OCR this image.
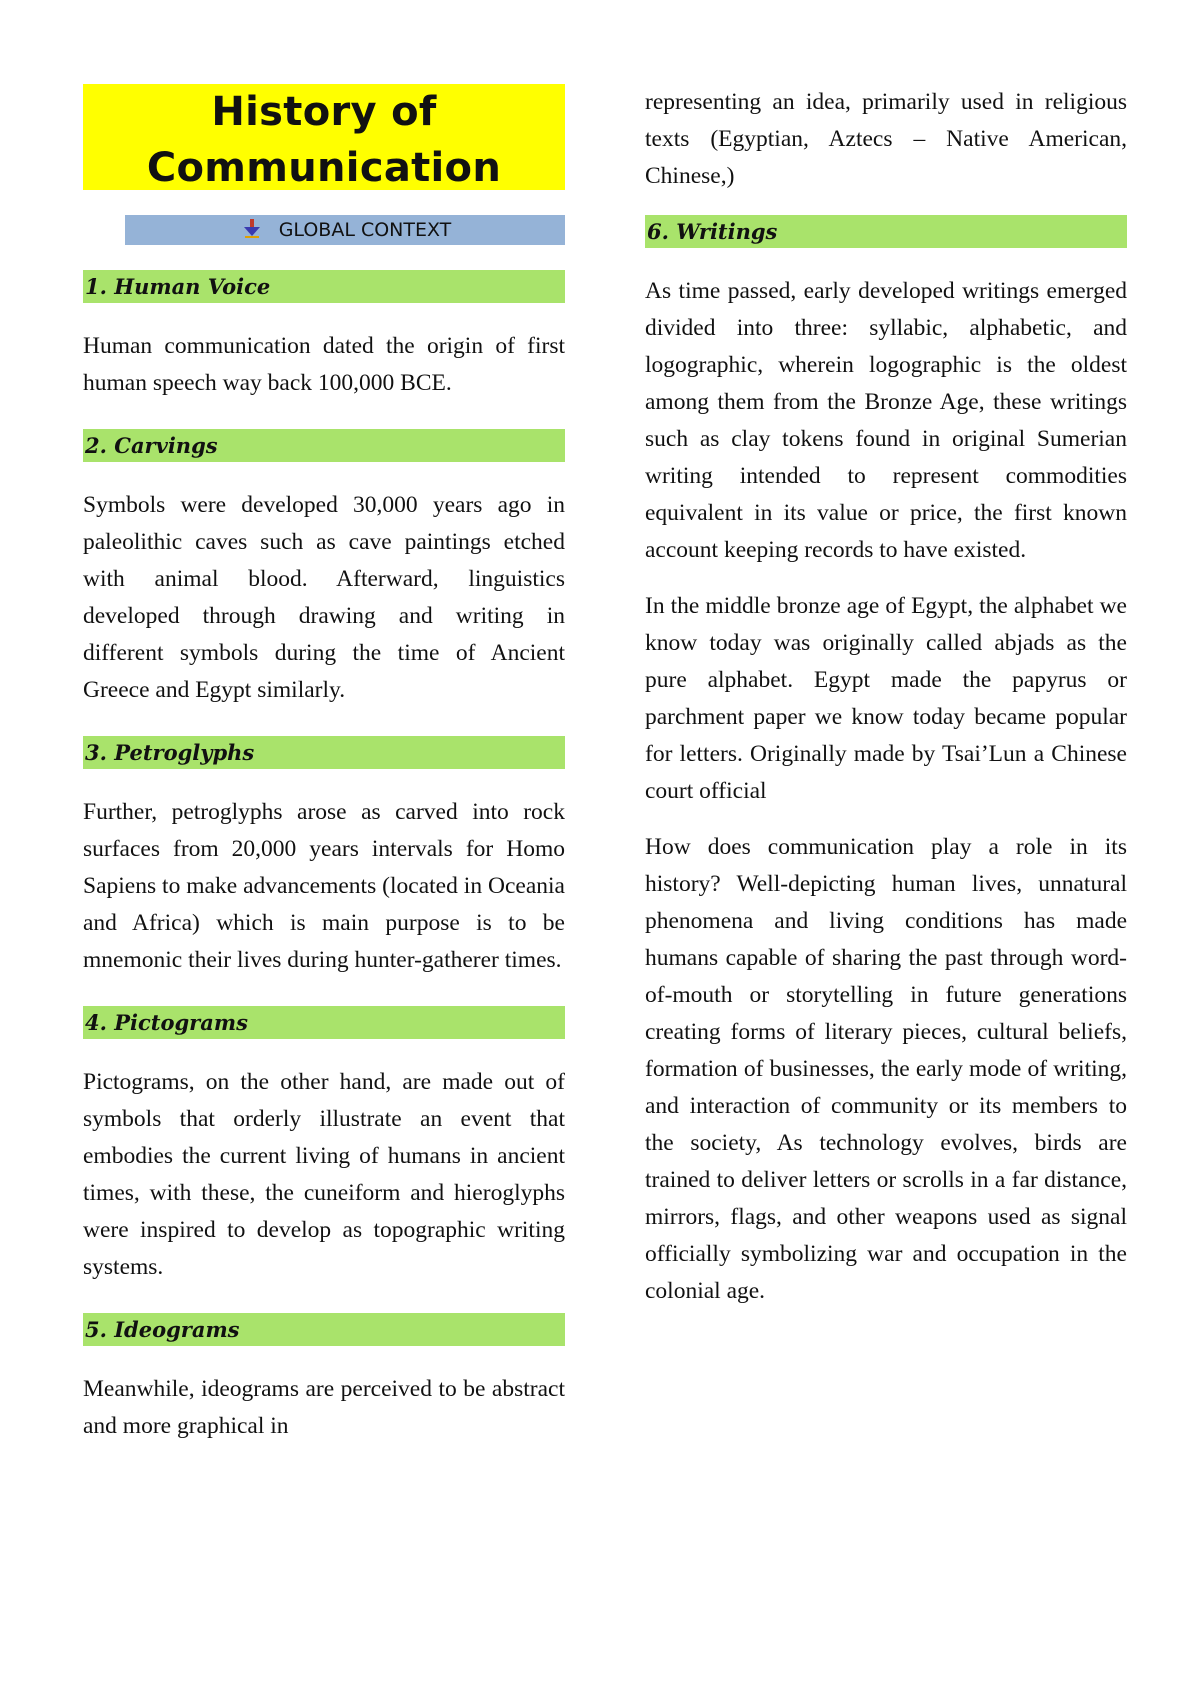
History of
Communication
GLOBAL CONTEXT
1. Human Voice

Human communication dated the origin of first human speech way back 100,000 BCE.

2. Carvings

Symbols were developed 30,000 years ago in paleolithic caves such as cave paintings etched with animal blood. Afterward, linguistics developed through drawing and writing in different symbols during the time of Ancient Greece and Egypt similarly.

3. Petroglyphs

Further, petroglyphs arose as carved into rock surfaces from 20,000 years intervals for Homo Sapiens to make advancements (located in Oceania and Africa) which is main purpose is to be mnemonic their lives during hunter-gatherer times.

4. Pictograms

Pictograms, on the other hand, are made out of symbols that orderly illustrate an event that embodies the current living of humans in ancient times, with these, the cuneiform and hieroglyphs were inspired to develop as topographic writing systems.

5. Ideograms

Meanwhile, ideograms are perceived to be abstract and more graphical in

representing an idea, primarily used in religious texts (Egyptian, Aztecs – Native American, Chinese,)

6. Writings

As time passed, early developed writings emerged divided into three: syllabic, alphabetic, and logographic, wherein logographic is the oldest among them from the Bronze Age, these writings such as clay tokens found in original Sumerian writing intended to represent commodities equivalent in its value or price, the first known account keeping records to have existed.

In the middle bronze age of Egypt, the alphabet we know today was originally called abjads as the pure alphabet. Egypt made the papyrus or parchment paper we know today became popular for letters. Originally made by Tsai’Lun a Chinese court official

How does communication play a role in its history? Well-depicting human lives, unnatural phenomena and living conditions has made humans capable of sharing the past through word-of-mouth or storytelling in future generations creating forms of literary pieces, cultural beliefs, formation of businesses, the early mode of writing, and interaction of community or its members to the society, As technology evolves, birds are trained to deliver letters or scrolls in a far distance, mirrors, flags, and other weapons used as signal officially symbolizing war and occupation in the colonial age.
